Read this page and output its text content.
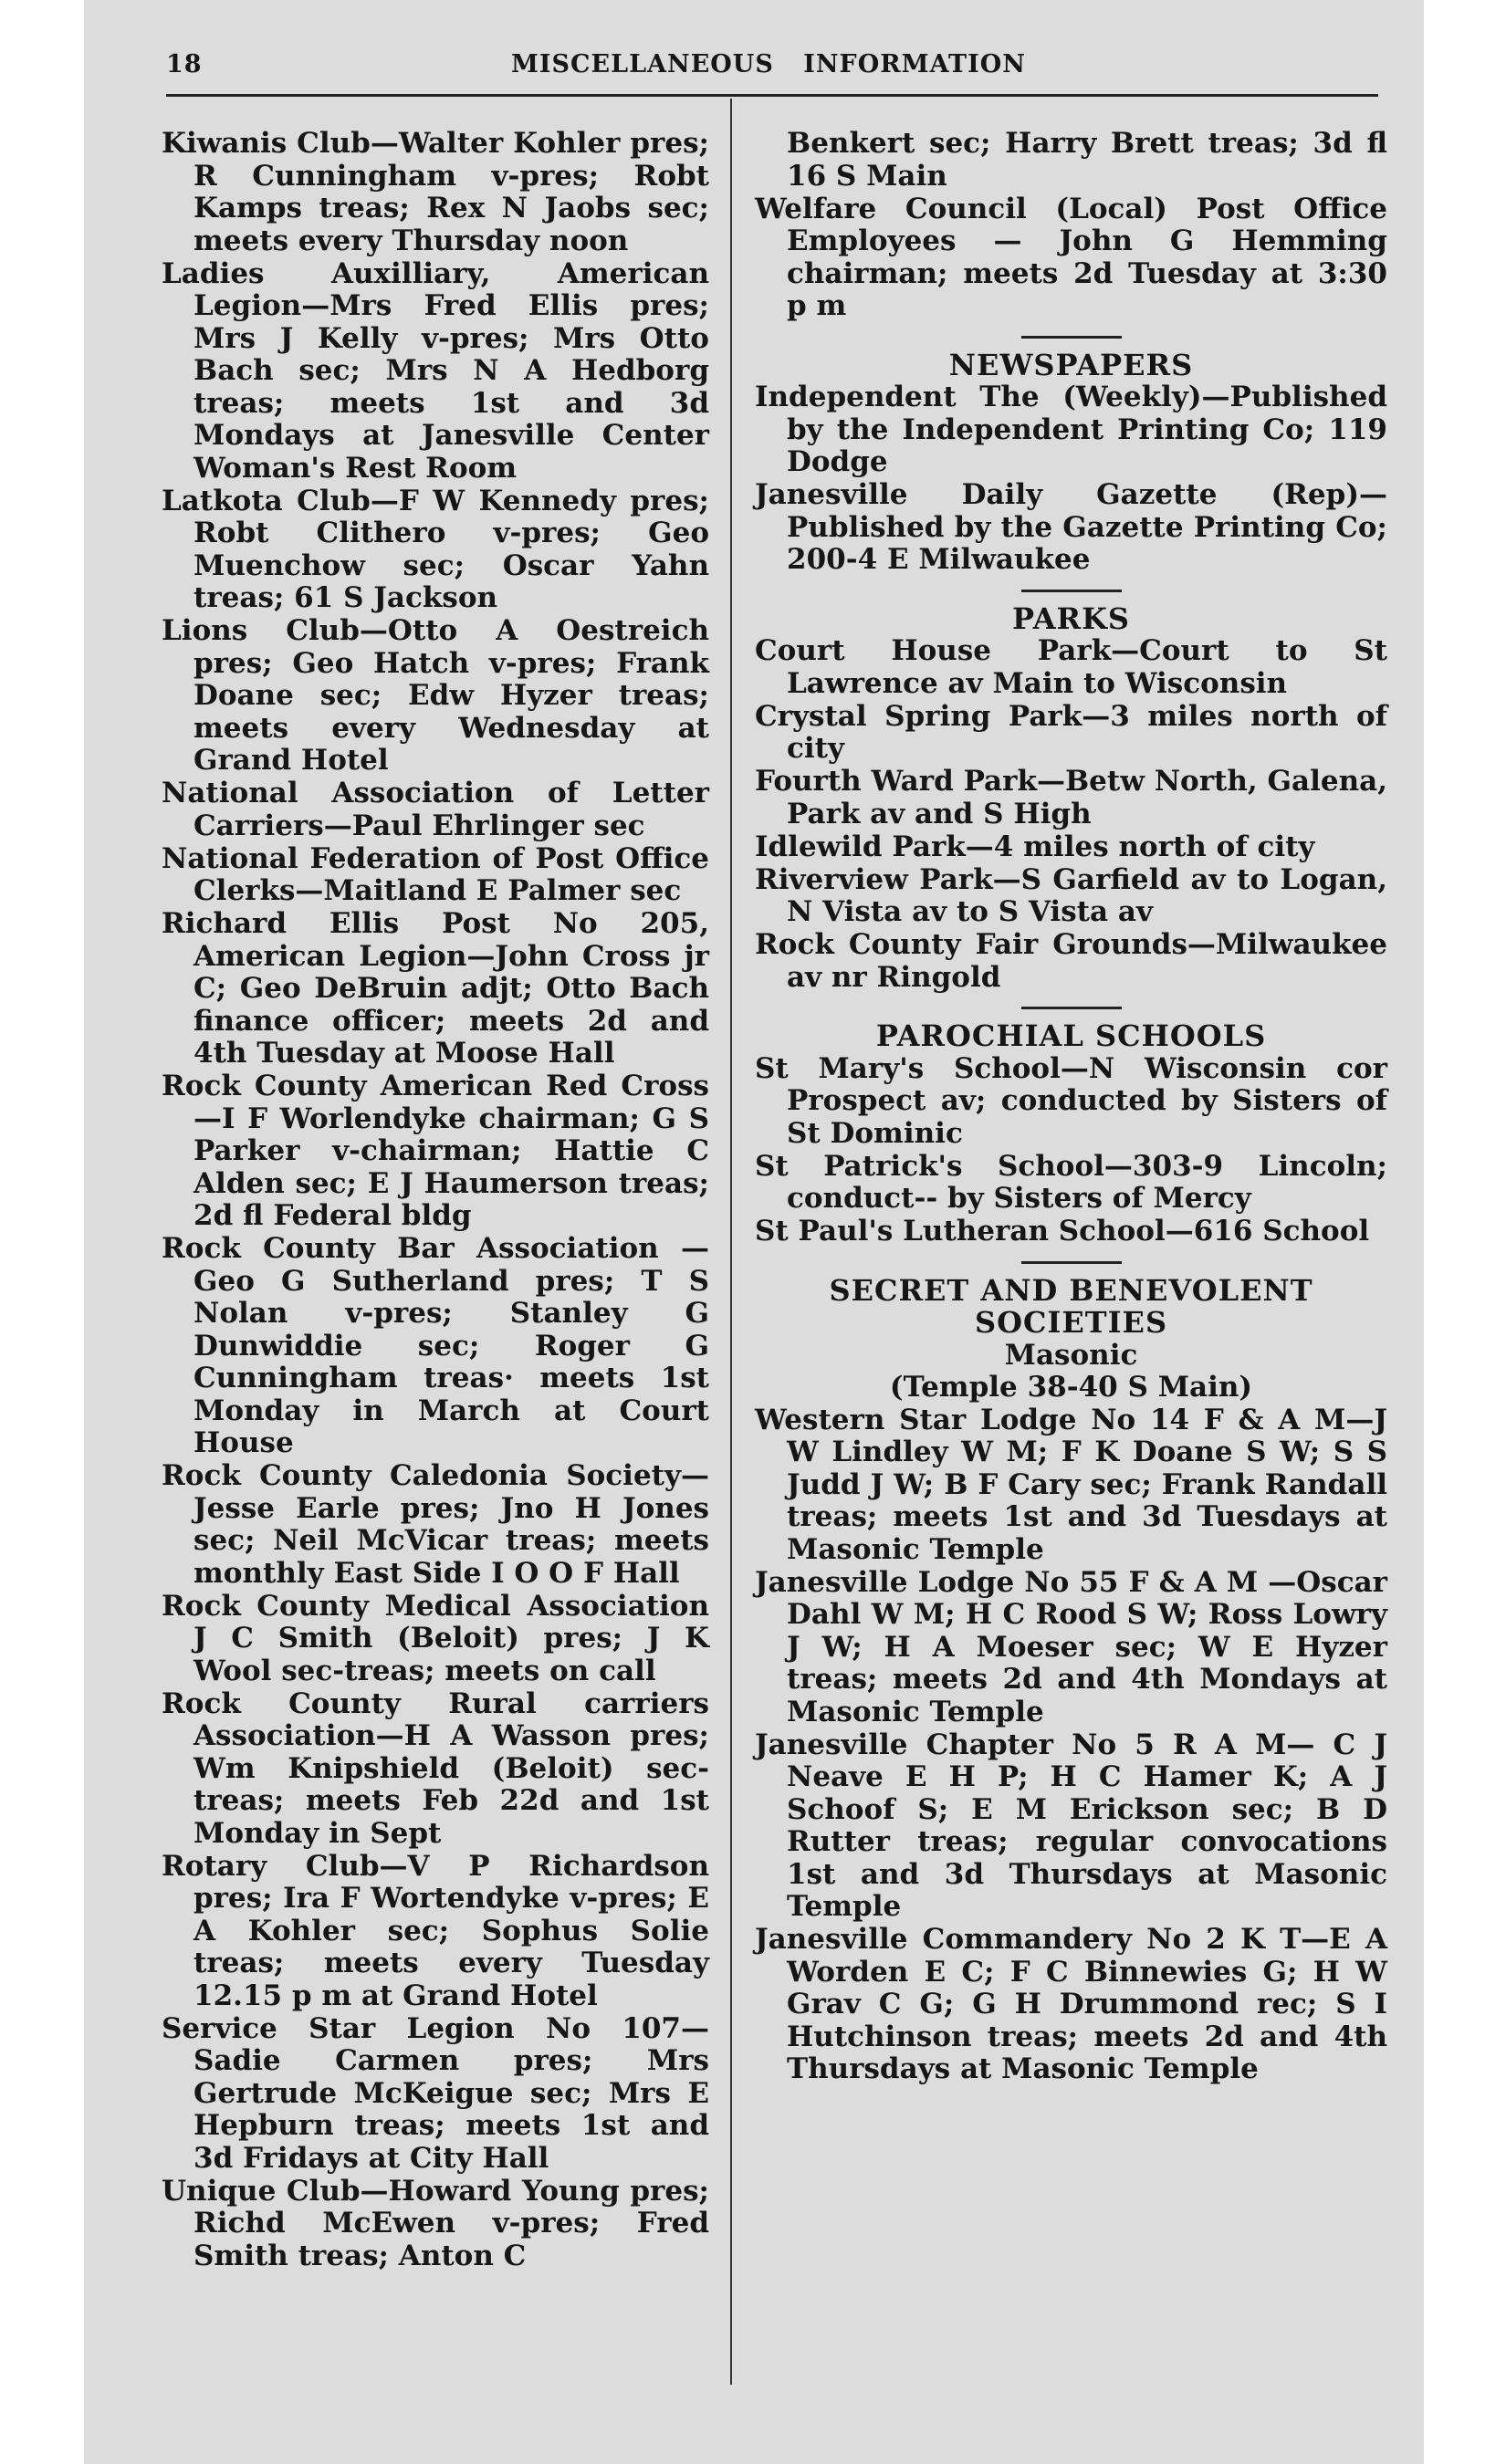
18	MISCELLANEOUS INFORMATION

Kiwanis Club—Walter Kohler pres; R Cunningham v-pres; Robt Kamps treas; Rex N Jaobs sec; meets every Thursday noon

Ladies Auxilliary, American Legion—Mrs Fred Ellis pres; Mrs J Kelly v-pres; Mrs Otto Bach sec; Mrs N A Hedborg treas; meets 1st and 3d Mondays at Janesville Center Woman's Rest Room

Latkota Club—F W Kennedy pres; Robt Clithero v-pres; Geo Muenchow sec; Oscar Yahn treas; 61 S Jackson

Lions Club—Otto A Oestreich pres; Geo Hatch v-pres; Frank Doane sec; Edw Hyzer treas; meets every Wednesday at Grand Hotel

National Association of Letter Carriers—Paul Ehrlinger sec

National Federation of Post Office Clerks—Maitland E Palmer sec

Richard Ellis Post No 205, American Legion—John Cross jr C; Geo DeBruin adjt; Otto Bach finance officer; meets 2d and 4th Tuesday at Moose Hall

Rock County American Red Cross —I F Worlendyke chairman; G S Parker v-chairman; Hattie C Alden sec; E J Haumerson treas; 2d fl Federal bldg

Rock County Bar Association — Geo G Sutherland pres; T S Nolan v-pres; Stanley G Dunwiddie sec; Roger G Cunningham treas· meets 1st Monday in March at Court House

Rock County Caledonia Society—Jesse Earle pres; Jno H Jones sec; Neil McVicar treas; meets monthly East Side I O O F Hall

Rock County Medical Association J C Smith (Beloit) pres; J K Wool sec-treas; meets on call

Rock County Rural carriers Association—H A Wasson pres; Wm Knipshield (Beloit) sec-treas; meets Feb 22d and 1st Monday in Sept

Rotary Club—V P Richardson pres; Ira F Wortendyke v-pres; E A Kohler sec; Sophus Solie treas; meets every Tuesday 12.15 p m at Grand Hotel

Service Star Legion No 107— Sadie Carmen pres; Mrs Gertrude McKeigue sec; Mrs E Hepburn treas; meets 1st and 3d Fridays at City Hall

Unique Club—Howard Young pres; Richd McEwen v-pres; Fred Smith treas; Anton C

Benkert sec; Harry Brett treas; 3d fl 16 S Main

Welfare Council (Local) Post Office Employees — John G Hemming chairman; meets 2d Tuesday at 3:30 p m

NEWSPAPERS

Independent The (Weekly)—Published by the Independent Printing Co; 119 Dodge

Janesville Daily Gazette (Rep)— Published by the Gazette Printing Co; 200-4 E Milwaukee

PARKS

Court House Park—Court to St Lawrence av Main to Wisconsin

Crystal Spring Park—3 miles north of city

Fourth Ward Park—Betw North, Galena, Park av and S High

Idlewild Park—4 miles north of city

Riverview Park—S Garfield av to Logan, N Vista av to S Vista av

Rock County Fair Grounds—Milwaukee av nr Ringold

PAROCHIAL SCHOOLS

St Mary's School—N Wisconsin cor Prospect av; conducted by Sisters of St Dominic

St Patrick's School—303-9 Lincoln; conduct-- by Sisters of Mercy

St Paul's Lutheran School—616 School

SECRET AND BENEVOLENT SOCIETIES

Masonic

(Temple 38-40 S Main)

Western Star Lodge No 14 F & A M—J W Lindley W M; F K Doane S W; S S Judd J W; B F Cary sec; Frank Randall treas; meets 1st and 3d Tuesdays at Masonic Temple

Janesville Lodge No 55 F & A M —Oscar Dahl W M; H C Rood S W; Ross Lowry J W; H A Moeser sec; W E Hyzer treas; meets 2d and 4th Mondays at Masonic Temple

Janesville Chapter No 5 R A M— C J Neave E H P; H C Hamer K; A J Schoof S; E M Erickson sec; B D Rutter treas; regular convocations 1st and 3d Thursdays at Masonic Temple

Janesville Commandery No 2 K T—E A Worden E C; F C Binnewies G; H W Grav C G; G H Drummond rec; S I Hutchinson treas; meets 2d and 4th Thursdays at Masonic Temple
